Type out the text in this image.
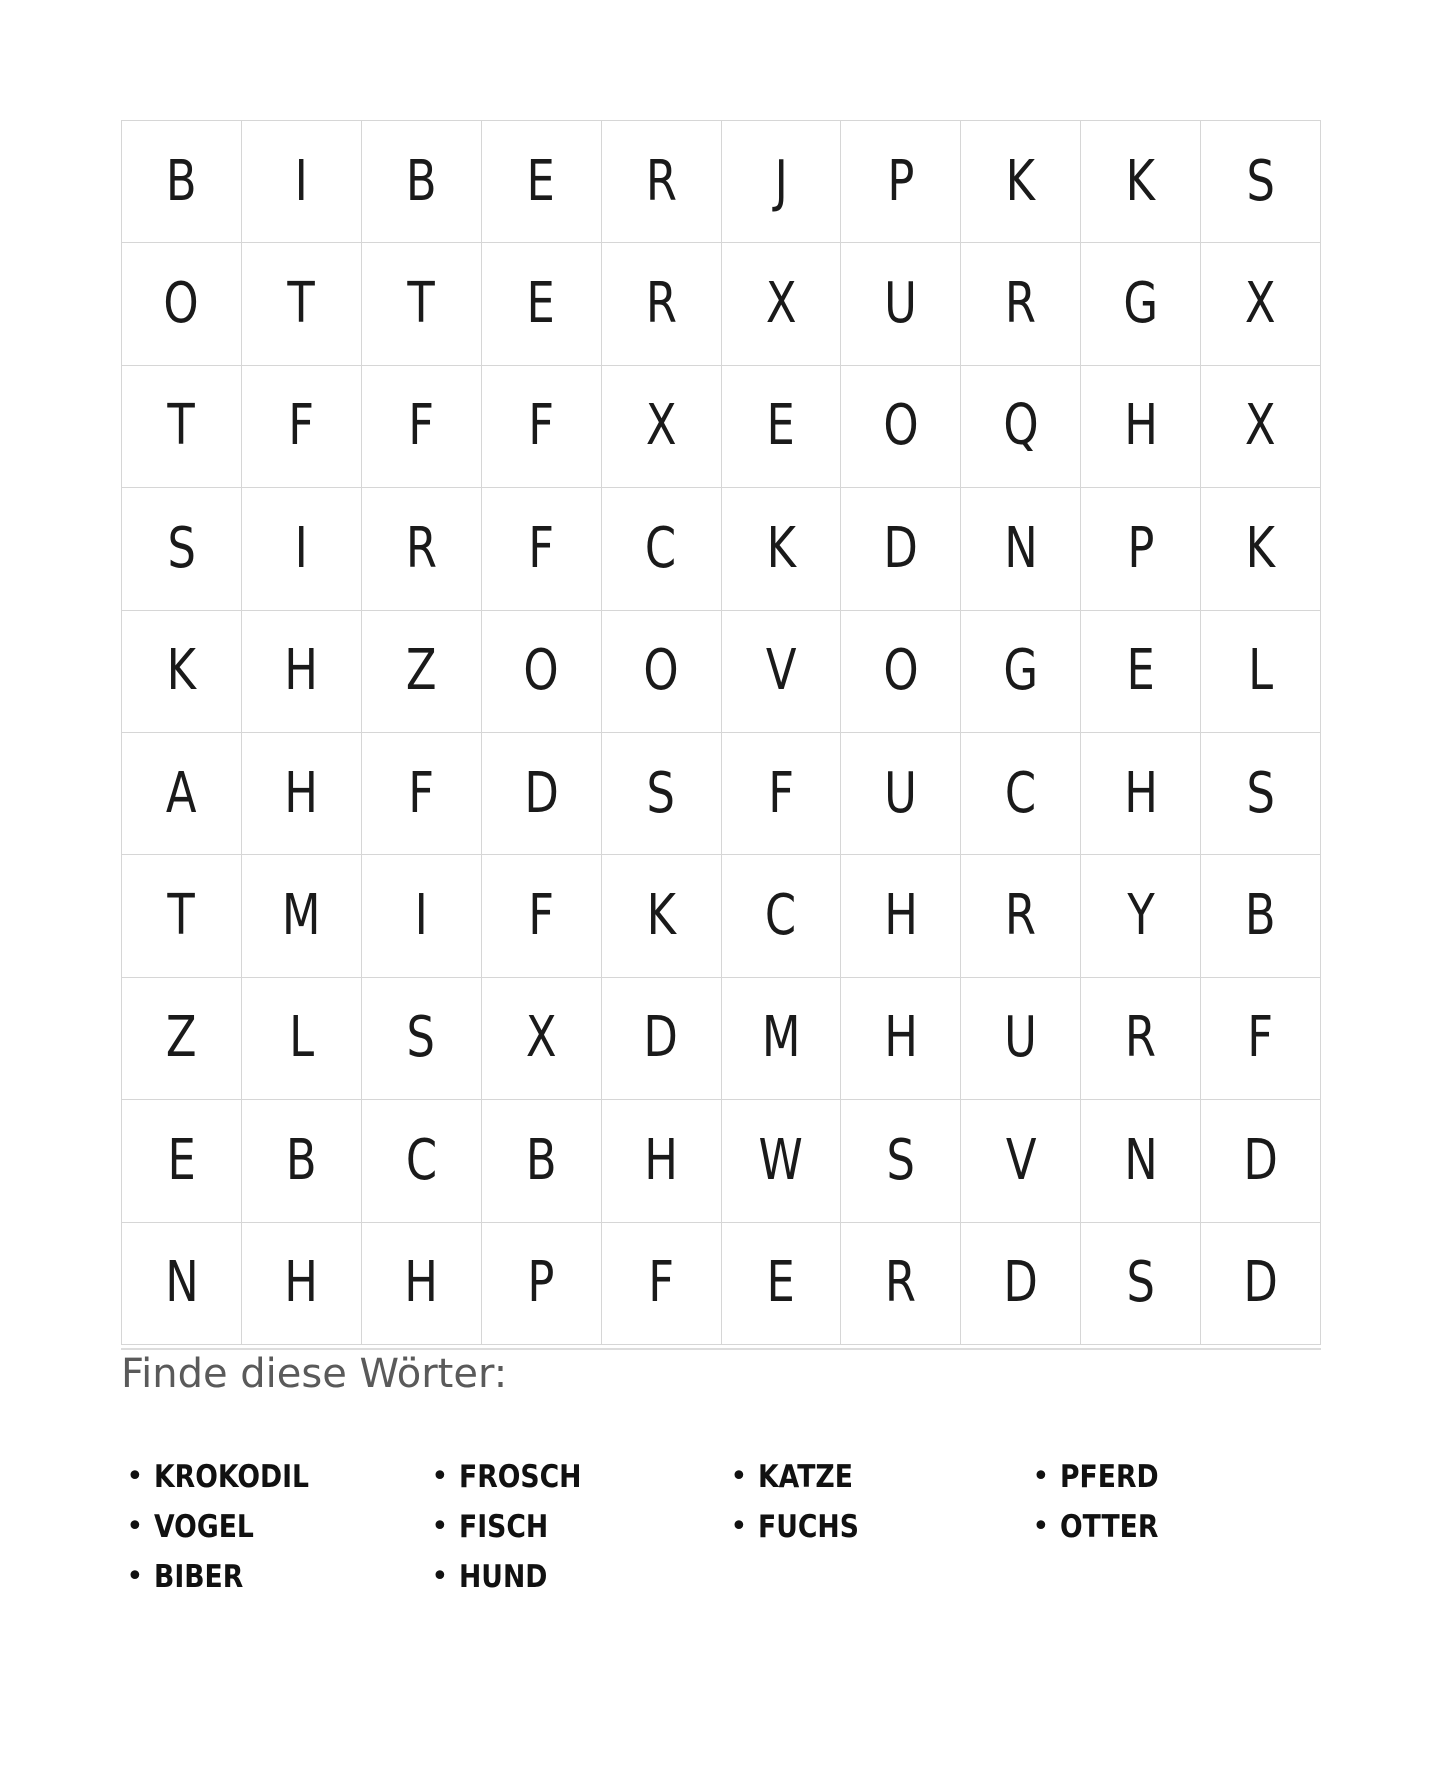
B I B E R J P K K S
O T T E R X U R G X
T F F F X E O Q H X
S I R F C K D N P K
K H Z O O V O G E L
A H F D S F U C H S
T M I F K C H R Y B
Z L S X D M H U R F
E B C B H W S V N D
N H H P F E R D S D
Finde diese Wörter:
• KROKODIL	• FROSCH	• KATZE	• PFERD
• VOGEL	• FISCH	• FUCHS	• OTTER
• BIBER	• HUND
